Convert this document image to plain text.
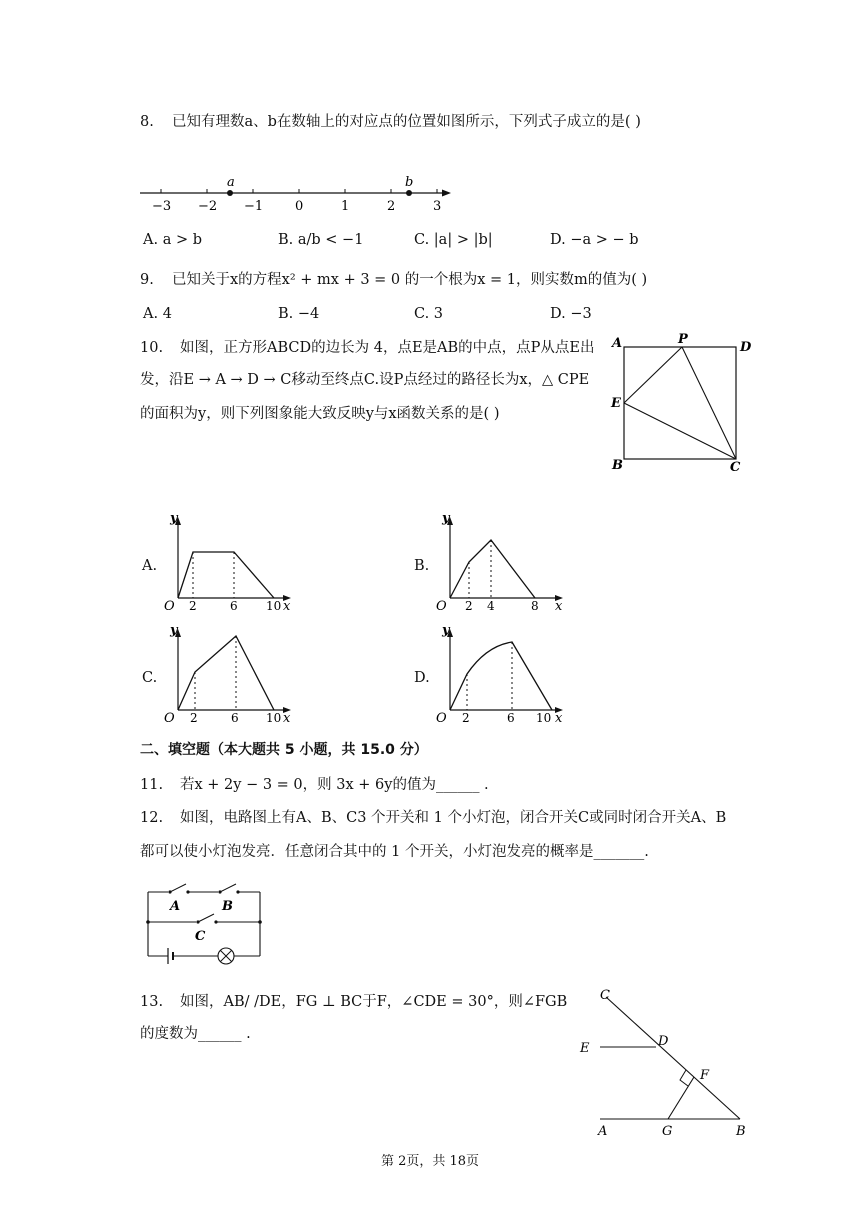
8. 已知有理数a、b在数轴上的对应点的位置如图所示，下列式子成立的是( )
−3 −2 −1 0	1	2	3
a	b
A. a > b	B. a/b < −1	C. |a| > |b|	D. −a > − b
9. 已知关于x的方程x² + mx + 3 = 0 的一个根为x = 1，则实数m的值为( )
A. 4	B. −4	C. 3	D. −3
10. 如图，正方形ABCD的边长为 4，点E是AB的中点，点P从点E出
发，沿E → A → D → C移动至终点C.设P点经过的路径长为x，△ CPE
的面积为y，则下列图象能大致反映y与x函数关系的是( )
A	P
D
E
B	C
A.	B.
C.	D.
y
O 2	6 10 x
y
O 2 4	8 x
y
O 2	6 10 x
y
O 2	6 10 x
二、填空题（本大题共 5 小题，共 15.0 分）
11. 若x + 2y − 3 = 0，则 3x + 6y的值为______ .
12. 如图，电路图上有A、B、C3 个开关和 1 个小灯泡，闭合开关C或同时闭合开关A、B
都可以使小灯泡发亮．任意闭合其中的 1 个开关，小灯泡发亮的概率是_______.
A	B
C
13. 如图，AB/ /DE，FG ⊥ BC于F，∠CDE = 30°，则∠FGB
的度数为______ .
C
E	D
F
A	G	B
第 2页，共 18页
